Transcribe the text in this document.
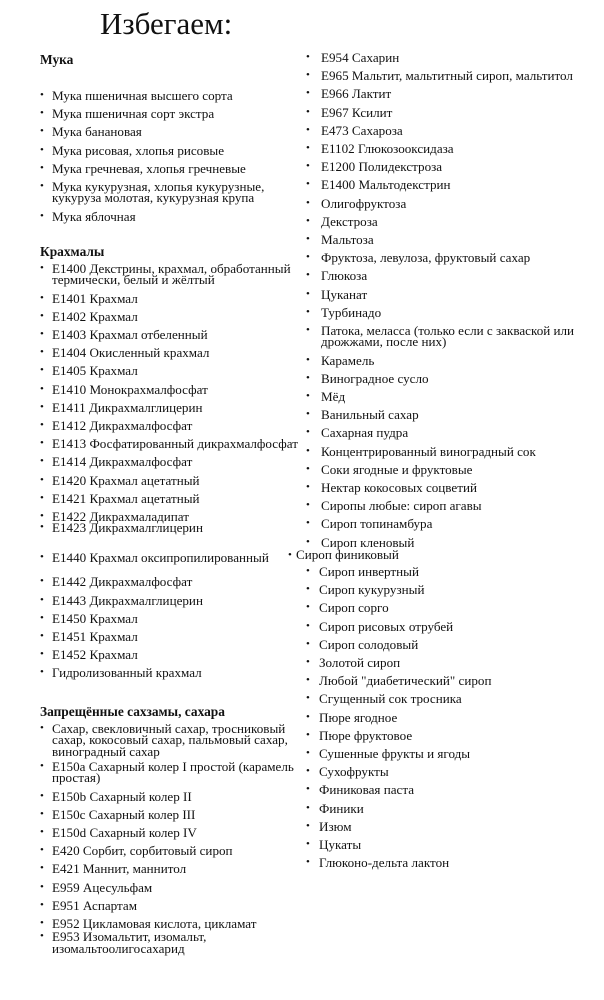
Избегаем:
Мука
• Мука пшеничная высшего сорта
• Мука пшеничная сорт экстра
• Мука банановая
• Мука рисовая, хлопья рисовые
• Мука гречневая, хлопья гречневые
• Мука кукурузная, хлопья кукурузные, кукуруза молотая, кукурузная крупа
• Мука яблочная
Крахмалы
• Е1400 Декстрины, крахмал, обработанный термически, белый и жёлтый
• Е1401 Крахмал
• Е1402 Крахмал
• Е1403 Крахмал отбеленный
• Е1404 Окисленный крахмал
• Е1405 Крахмал
• Е1410 Монокрахмалфосфат
• Е1411 Дикрахмалглицерин
• Е1412 Дикрахмалфосфат
• Е1413 Фосфатированный дикрахмалфосфат
• Е1414 Дикрахмалфосфат
• Е1420 Крахмал ацетатный
• Е1421 Крахмал ацетатный
• Е1422 Дикрахмаладипат
• Е1423 Дикрахмалглицерин
• Е1440 Крахмал оксипропилированный
• Е1442 Дикрахмалфосфат
• Е1443 Дикрахмалглицерин
• Е1450 Крахмал
• Е1451 Крахмал
• Е1452 Крахмал
• Гидролизованный крахмал
Запрещённые сахзамы, сахара
• Сахар, свекловичный сахар, тросниковый сахар, кокосовый сахар, пальмовый сахар, виноградный сахар
• Е150a Сахарный колер I простой (карамель простая)
• Е150b Сахарный колер II
• Е150c Сахарный колер III
• Е150d Сахарный колер IV
• Е420 Сорбит, сорбитовый сироп
• Е421 Маннит, маннитол
• Е959 Ацесульфам
• Е951 Аспартам
• Е952 Цикламовая кислота, цикламат
• Е953 Изомальтит, изомальт, изомальтоолигосахарид
• Е954 Сахарин
• Е965 Мальтит, мальтитный сироп, мальтитол
• Е966 Лактит
• Е967 Ксилит
• Е473 Сахароза
• Е1102 Глюкозооксидаза
• Е1200 Полидекстроза
• Е1400 Мальтодекстрин
• Олигофруктоза
• Декстроза
• Мальтоза
• Фруктоза, левулоза, фруктовый сахар
• Глюкоза
• Цуканат
• Турбинадо
• Патока, меласса (только если с закваской или дрожжами, после них)
• Карамель
• Виноградное сусло
• Мёд
• Ванильный сахар
• Сахарная пудра
• Концентрированный виноградный сок
• Соки ягодные и фруктовые
• Нектар кокосовых соцветий
• Сиропы любые: сироп агавы
• Сироп топинамбура
• Сироп кленовый
• Сироп финиковый
• Сироп инвертный
• Сироп кукурузный
• Сироп сорго
• Сироп рисовых отрубей
• Сироп солодовый
• Золотой сироп
• Любой "диабетический" сироп
• Сгущенный сок тросника
• Пюре ягодное
• Пюре фруктовое
• Сушенные фрукты и ягоды
• Сухофрукты
• Финиковая паста
• Финики
• Изюм
• Цукаты
• Глюконо-дельта лактон
